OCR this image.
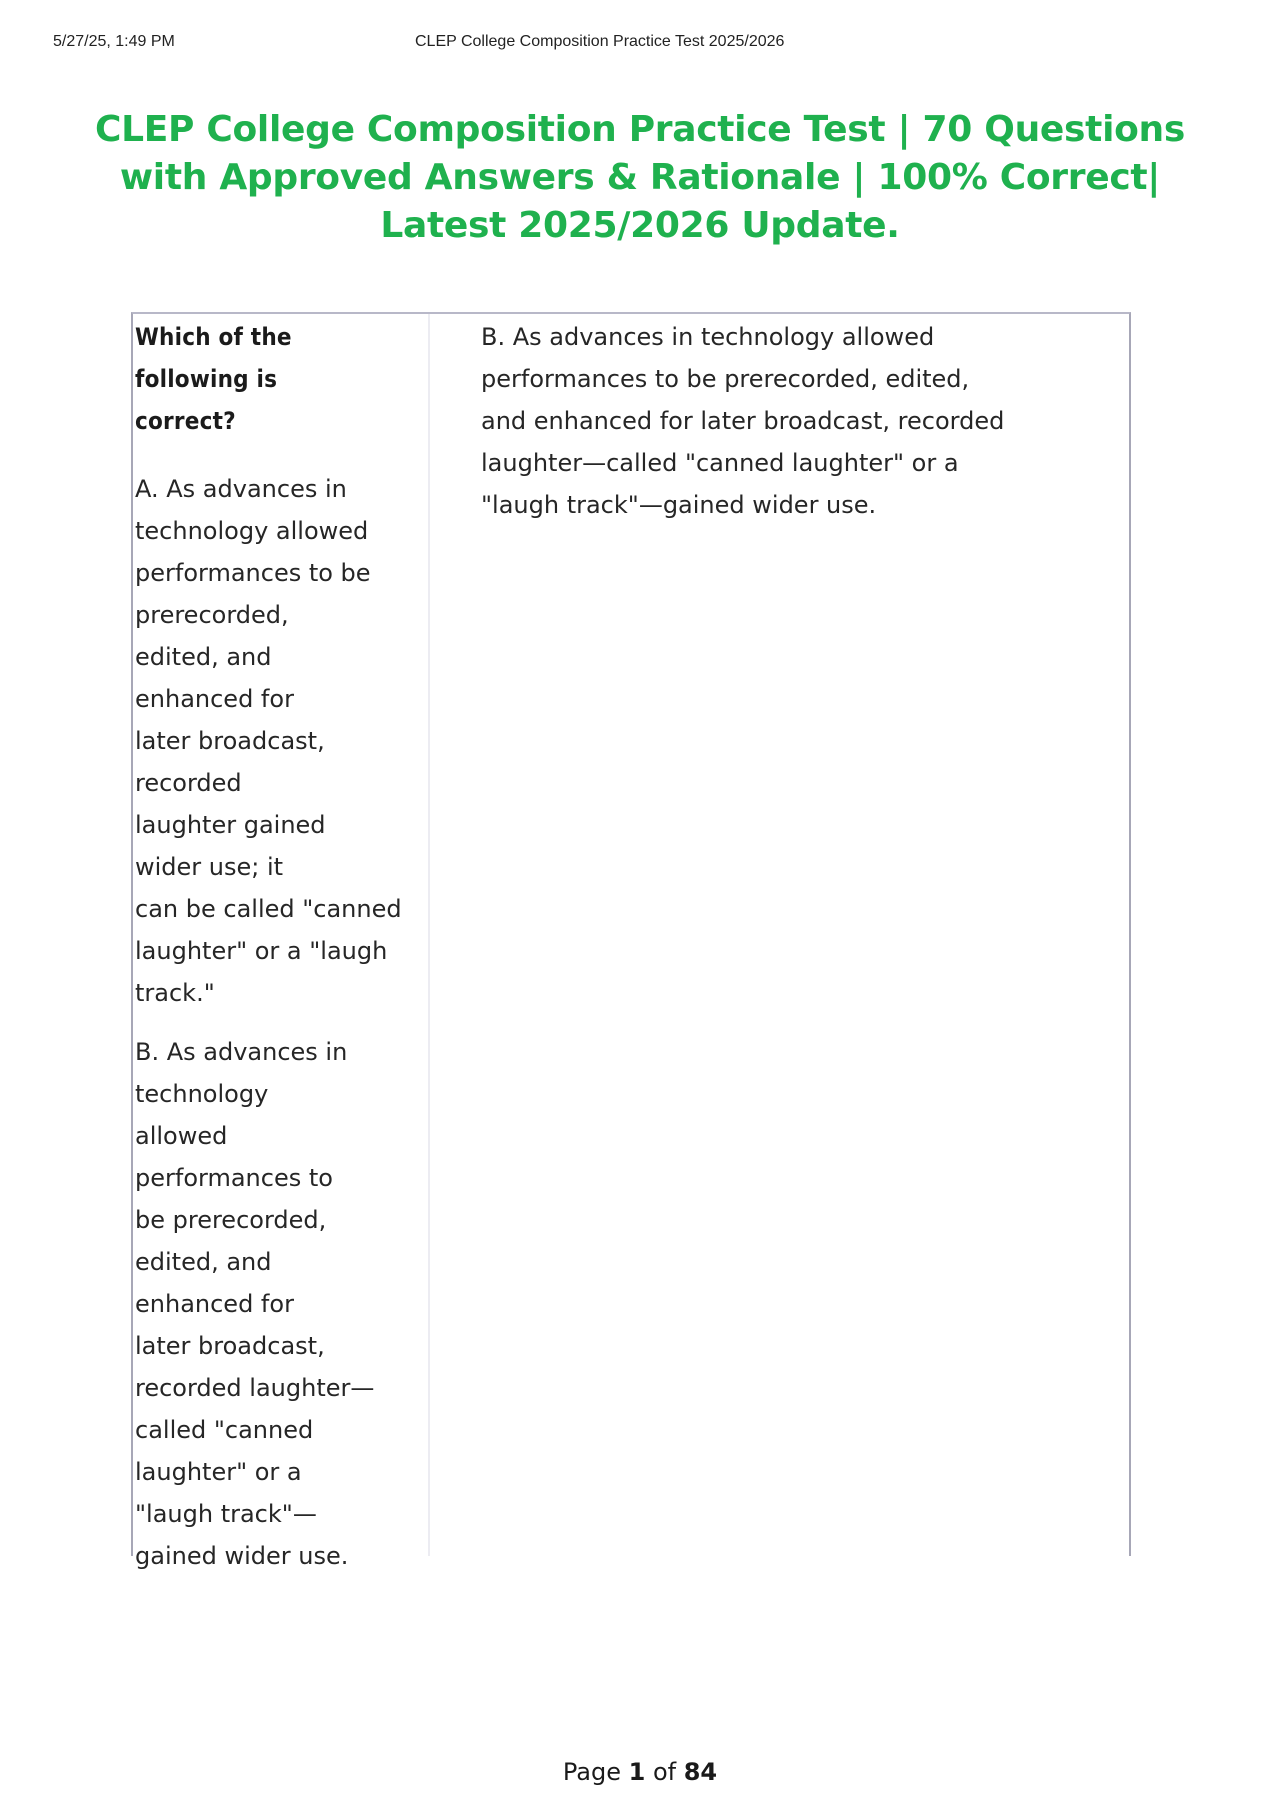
5/27/25, 1:49 PM	CLEP College Composition Practice Test 2025/2026
CLEP College Composition Practice Test | 70 Questions with Approved Answers & Rationale | 100% Correct| Latest 2025/2026 Update.
Which of the following is correct?
A. As advances in
technology allowed
performances to be
prerecorded,
edited, and
enhanced for
later broadcast,
recorded
laughter gained
wider use; it
can be called "canned
laughter" or a "laugh
track."
B. As advances in
technology
allowed
performances to
be prerecorded,
edited, and
enhanced for
later broadcast,
recorded laughter—
called "canned
laughter" or a
"laugh track"—
gained wider use.
B. As advances in technology allowed
performances to be prerecorded, edited,
and enhanced for later broadcast, recorded
laughter—called "canned laughter" or a
"laugh track"—gained wider use.
Page 1 of 84
